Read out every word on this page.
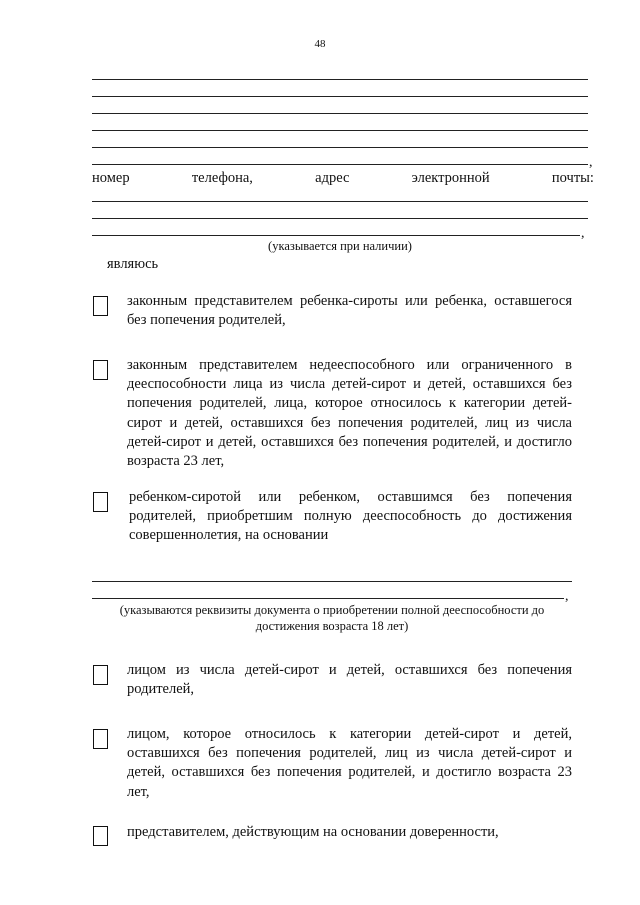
48
,
номер	телефона,	адрес	электронной	почты:
,
(указывается при наличии)
являюсь
законным представителем ребенка-сироты или ребенка, оставшегося без попечения родителей,
законным представителем недееспособного или ограниченного в дееспособности лица из числа детей-сирот и детей, оставшихся без попечения родителей, лица, которое относилось к категории детей-сирот и детей, оставшихся без попечения родителей, лиц из числа детей-сирот и детей, оставшихся без попечения родителей, и достигло возраста 23 лет,
ребенком-сиротой или ребенком, оставшимся без попечения родителей, приобретшим полную дееспособность до достижения совершеннолетия, на основании
,
(указываются реквизиты документа о приобретении полной дееспособности до
достижения возраста 18 лет)
лицом из числа детей-сирот и детей, оставшихся без попечения родителей,
лицом, которое относилось к категории детей-сирот и детей, оставшихся без попечения родителей, лиц из числа детей-сирот и детей, оставшихся без попечения родителей, и достигло возраста 23 лет,
представителем, действующим на основании доверенности,
